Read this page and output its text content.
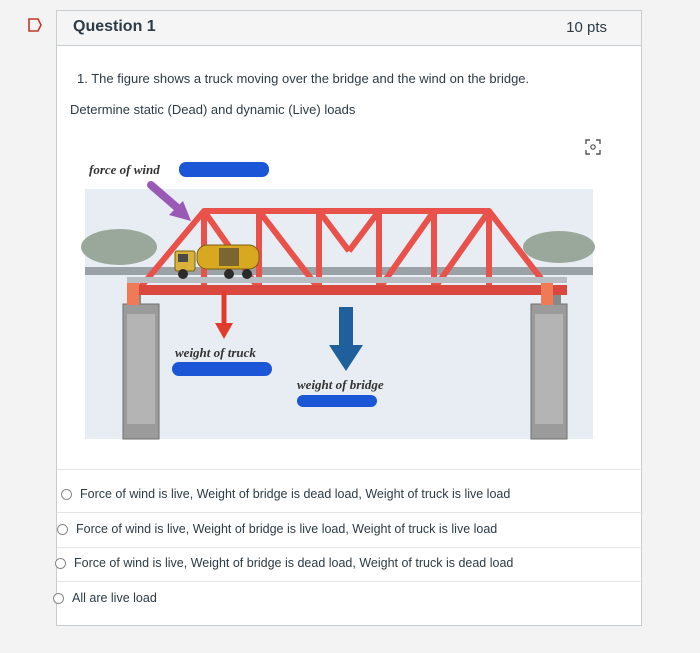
Question 1	10 pts
1. The figure shows a truck moving over the bridge and the wind on the bridge.
Determine static (Dead) and dynamic (Live) loads
force of wind
weight of truck
weight of bridge
Force of wind is live, Weight of bridge is dead load, Weight of truck is live load
Force of wind is live, Weight of bridge is live load, Weight of truck is live load
Force of wind is live, Weight of bridge is dead load, Weight of truck is dead load
All are live load
